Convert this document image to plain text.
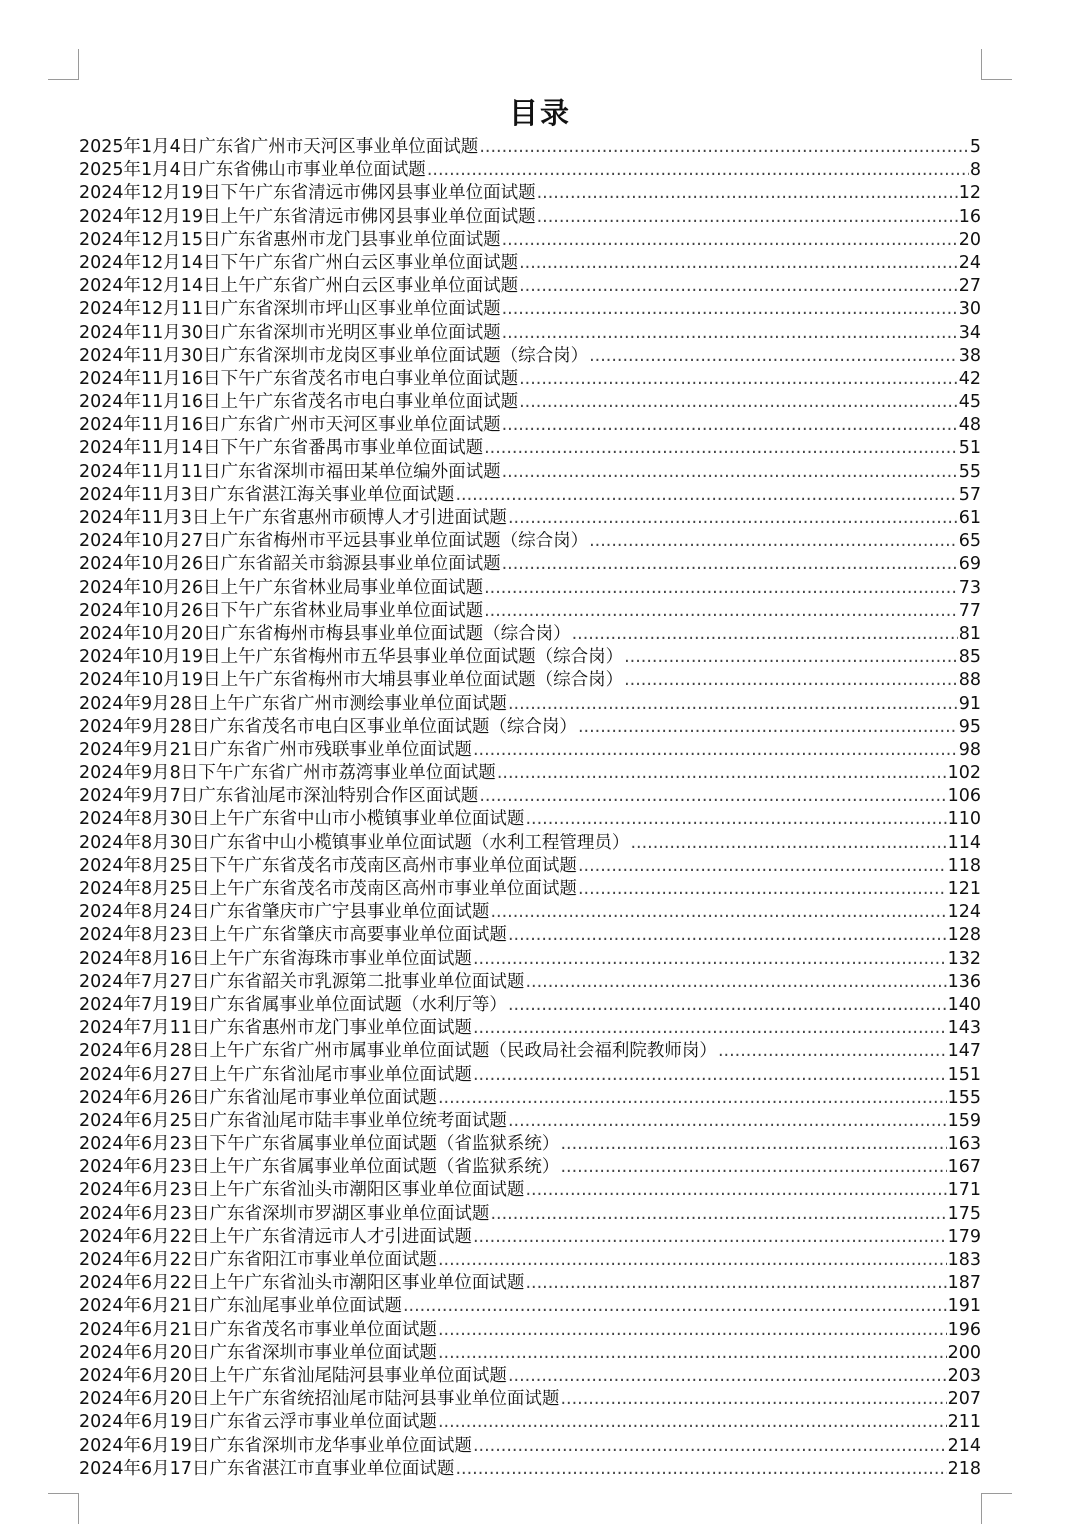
目录
2025年1月4日广东省广州市天河区事业单位面试题 .....	5
2025年1月4日广东省佛山市事业单位面试题 .....	8
2024年12月19日下午广东省清远市佛冈县事业单位面试题 .....	12
2024年12月19日上午广东省清远市佛冈县事业单位面试题 .....	16
2024年12月15日广东省惠州市龙门县事业单位面试题 .....	20
2024年12月14日下午广东省广州白云区事业单位面试题 .....	24
2024年12月14日上午广东省广州白云区事业单位面试题 .....	27
2024年12月11日广东省深圳市坪山区事业单位面试题 .....	30
2024年11月30日广东省深圳市光明区事业单位面试题 .....	34
2024年11月30日广东省深圳市龙岗区事业单位面试题（综合岗） .....	38
2024年11月16日下午广东省茂名市电白事业单位面试题 .....	42
2024年11月16日上午广东省茂名市电白事业单位面试题 .....	45
2024年11月16日广东省广州市天河区事业单位面试题 .....	48
2024年11月14日下午广东省番禺市事业单位面试题 .....	51
2024年11月11日广东省深圳市福田某单位编外面试题 .....	55
2024年11月3日广东省湛江海关事业单位面试题 .....	57
2024年11月3日上午广东省惠州市硕博人才引进面试题 .....	61
2024年10月27日广东省梅州市平远县事业单位面试题（综合岗） .....	65
2024年10月26日广东省韶关市翁源县事业单位面试题 .....	69
2024年10月26日上午广东省林业局事业单位面试题 .....	73
2024年10月26日下午广东省林业局事业单位面试题 .....	77
2024年10月20日广东省梅州市梅县事业单位面试题（综合岗） .....	81
2024年10月19日上午广东省梅州市五华县事业单位面试题（综合岗） .....	85
2024年10月19日上午广东省梅州市大埔县事业单位面试题（综合岗） .....	88
2024年9月28日上午广东省广州市测绘事业单位面试题 .....	91
2024年9月28日广东省茂名市电白区事业单位面试题（综合岗） .....	95
2024年9月21日广东省广州市残联事业单位面试题 .....	98
2024年9月8日下午广东省广州市荔湾事业单位面试题 .....	102
2024年9月7日广东省汕尾市深汕特别合作区面试题 .....	106
2024年8月30日上午广东省中山市小榄镇事业单位面试题 .....	110
2024年8月30日广东省中山小榄镇事业单位面试题（水利工程管理员） .....	114
2024年8月25日下午广东省茂名市茂南区高州市事业单位面试题 .....	118
2024年8月25日上午广东省茂名市茂南区高州市事业单位面试题 .....	121
2024年8月24日广东省肇庆市广宁县事业单位面试题 .....	124
2024年8月23日上午广东省肇庆市高要事业单位面试题 .....	128
2024年8月16日上午广东省海珠市事业单位面试题 .....	132
2024年7月27日广东省韶关市乳源第二批事业单位面试题 .....	136
2024年7月19日广东省属事业单位面试题（水利厅等） .....	140
2024年7月11日广东省惠州市龙门事业单位面试题 .....	143
2024年6月28日上午广东省广州市属事业单位面试题（民政局社会福利院教师岗） .....	147
2024年6月27日上午广东省汕尾市事业单位面试题 .....	151
2024年6月26日广东省汕尾市事业单位面试题 .....	155
2024年6月25日广东省汕尾市陆丰事业单位统考面试题 .....	159
2024年6月23日下午广东省属事业单位面试题（省监狱系统） .....	163
2024年6月23日上午广东省属事业单位面试题（省监狱系统） .....	167
2024年6月23日上午广东省汕头市潮阳区事业单位面试题 .....	171
2024年6月23日广东省深圳市罗湖区事业单位面试题 .....	175
2024年6月22日上午广东省清远市人才引进面试题 .....	179
2024年6月22日广东省阳江市事业单位面试题 .....	183
2024年6月22日上午广东省汕头市潮阳区事业单位面试题 .....	187
2024年6月21日广东汕尾事业单位面试题 .....	191
2024年6月21日广东省茂名市事业单位面试题 .....	196
2024年6月20日广东省深圳市事业单位面试题 .....	200
2024年6月20日上午广东省汕尾陆河县事业单位面试题 .....	203
2024年6月20日上午广东省统招汕尾市陆河县事业单位面试题 .....	207
2024年6月19日广东省云浮市事业单位面试题 .....	211
2024年6月19日广东省深圳市龙华事业单位面试题 .....	214
2024年6月17日广东省湛江市直事业单位面试题 .....	218
